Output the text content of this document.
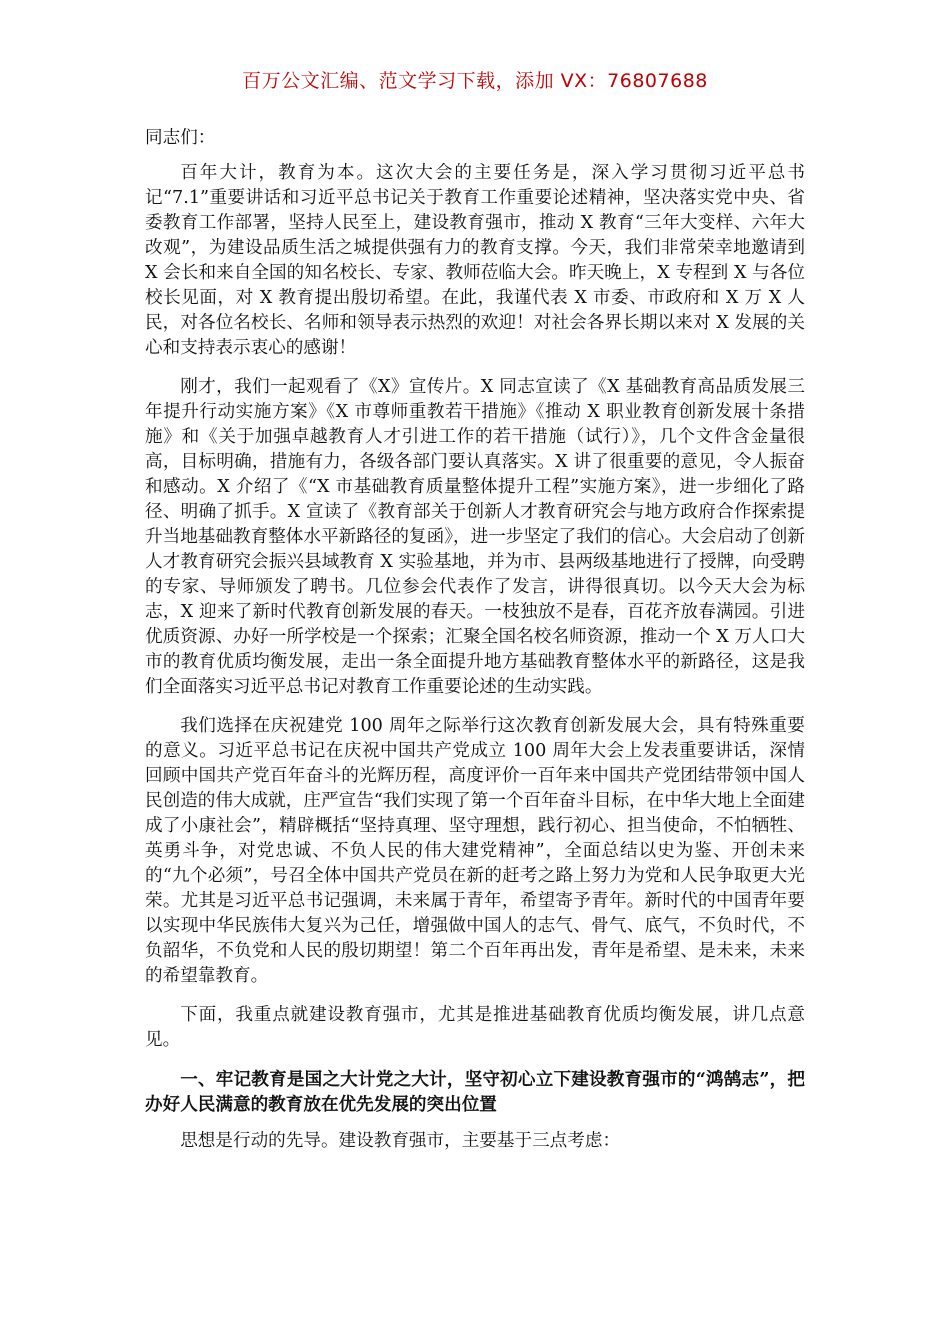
百万公文汇编、范文学习下载，添加 VX：76807688

同志们：

百年大计，教育为本。这次大会的主要任务是，深入学习贯彻习近平总书记“7.1”重要讲话和习近平总书记关于教育工作重要论述精神，坚决落实党中央、省委教育工作部署，坚持人民至上，建设教育强市，推动 X 教育“三年大变样、六年大改观”，为建设品质生活之城提供强有力的教育支撑。今天，我们非常荣幸地邀请到 X 会长和来自全国的知名校长、专家、教师莅临大会。昨天晚上，X 专程到 X 与各位校长见面，对 X 教育提出殷切希望。在此，我谨代表 X 市委、市政府和 X 万 X 人民，对各位名校长、名师和领导表示热烈的欢迎！对社会各界长期以来对 X 发展的关心和支持表示衷心的感谢！

刚才，我们一起观看了《X》宣传片。X 同志宣读了《X 基础教育高品质发展三年提升行动实施方案》《X 市尊师重教若干措施》《推动 X 职业教育创新发展十条措施》和《关于加强卓越教育人才引进工作的若干措施（试行）》，几个文件含金量很高，目标明确，措施有力，各级各部门要认真落实。X 讲了很重要的意见，令人振奋和感动。X 介绍了《“X 市基础教育质量整体提升工程”实施方案》，进一步细化了路径、明确了抓手。X 宣读了《教育部关于创新人才教育研究会与地方政府合作探索提升当地基础教育整体水平新路径的复函》，进一步坚定了我们的信心。大会启动了创新人才教育研究会振兴县域教育 X 实验基地，并为市、县两级基地进行了授牌，向受聘的专家、导师颁发了聘书。几位参会代表作了发言，讲得很真切。以今天大会为标志，X 迎来了新时代教育创新发展的春天。一枝独放不是春，百花齐放春满园。引进优质资源、办好一所学校是一个探索；汇聚全国名校名师资源，推动一个 X 万人口大市的教育优质均衡发展，走出一条全面提升地方基础教育整体水平的新路径，这是我们全面落实习近平总书记对教育工作重要论述的生动实践。

我们选择在庆祝建党 100 周年之际举行这次教育创新发展大会，具有特殊重要的意义。习近平总书记在庆祝中国共产党成立 100 周年大会上发表重要讲话，深情回顾中国共产党百年奋斗的光辉历程，高度评价一百年来中国共产党团结带领中国人民创造的伟大成就，庄严宣告“我们实现了第一个百年奋斗目标，在中华大地上全面建成了小康社会”，精辟概括“坚持真理、坚守理想，践行初心、担当使命，不怕牺牲、英勇斗争，对党忠诚、不负人民的伟大建党精神”，全面总结以史为鉴、开创未来的“九个必须”，号召全体中国共产党员在新的赶考之路上努力为党和人民争取更大光荣。尤其是习近平总书记强调，未来属于青年，希望寄予青年。新时代的中国青年要以实现中华民族伟大复兴为己任，增强做中国人的志气、骨气、底气，不负时代，不负韶华，不负党和人民的殷切期望！第二个百年再出发，青年是希望、是未来，未来的希望靠教育。

下面，我重点就建设教育强市，尤其是推进基础教育优质均衡发展，讲几点意见。

一、牢记教育是国之大计党之大计，坚守初心立下建设教育强市的“鸿鹄志”，把办好人民满意的教育放在优先发展的突出位置

思想是行动的先导。建设教育强市，主要基于三点考虑：
